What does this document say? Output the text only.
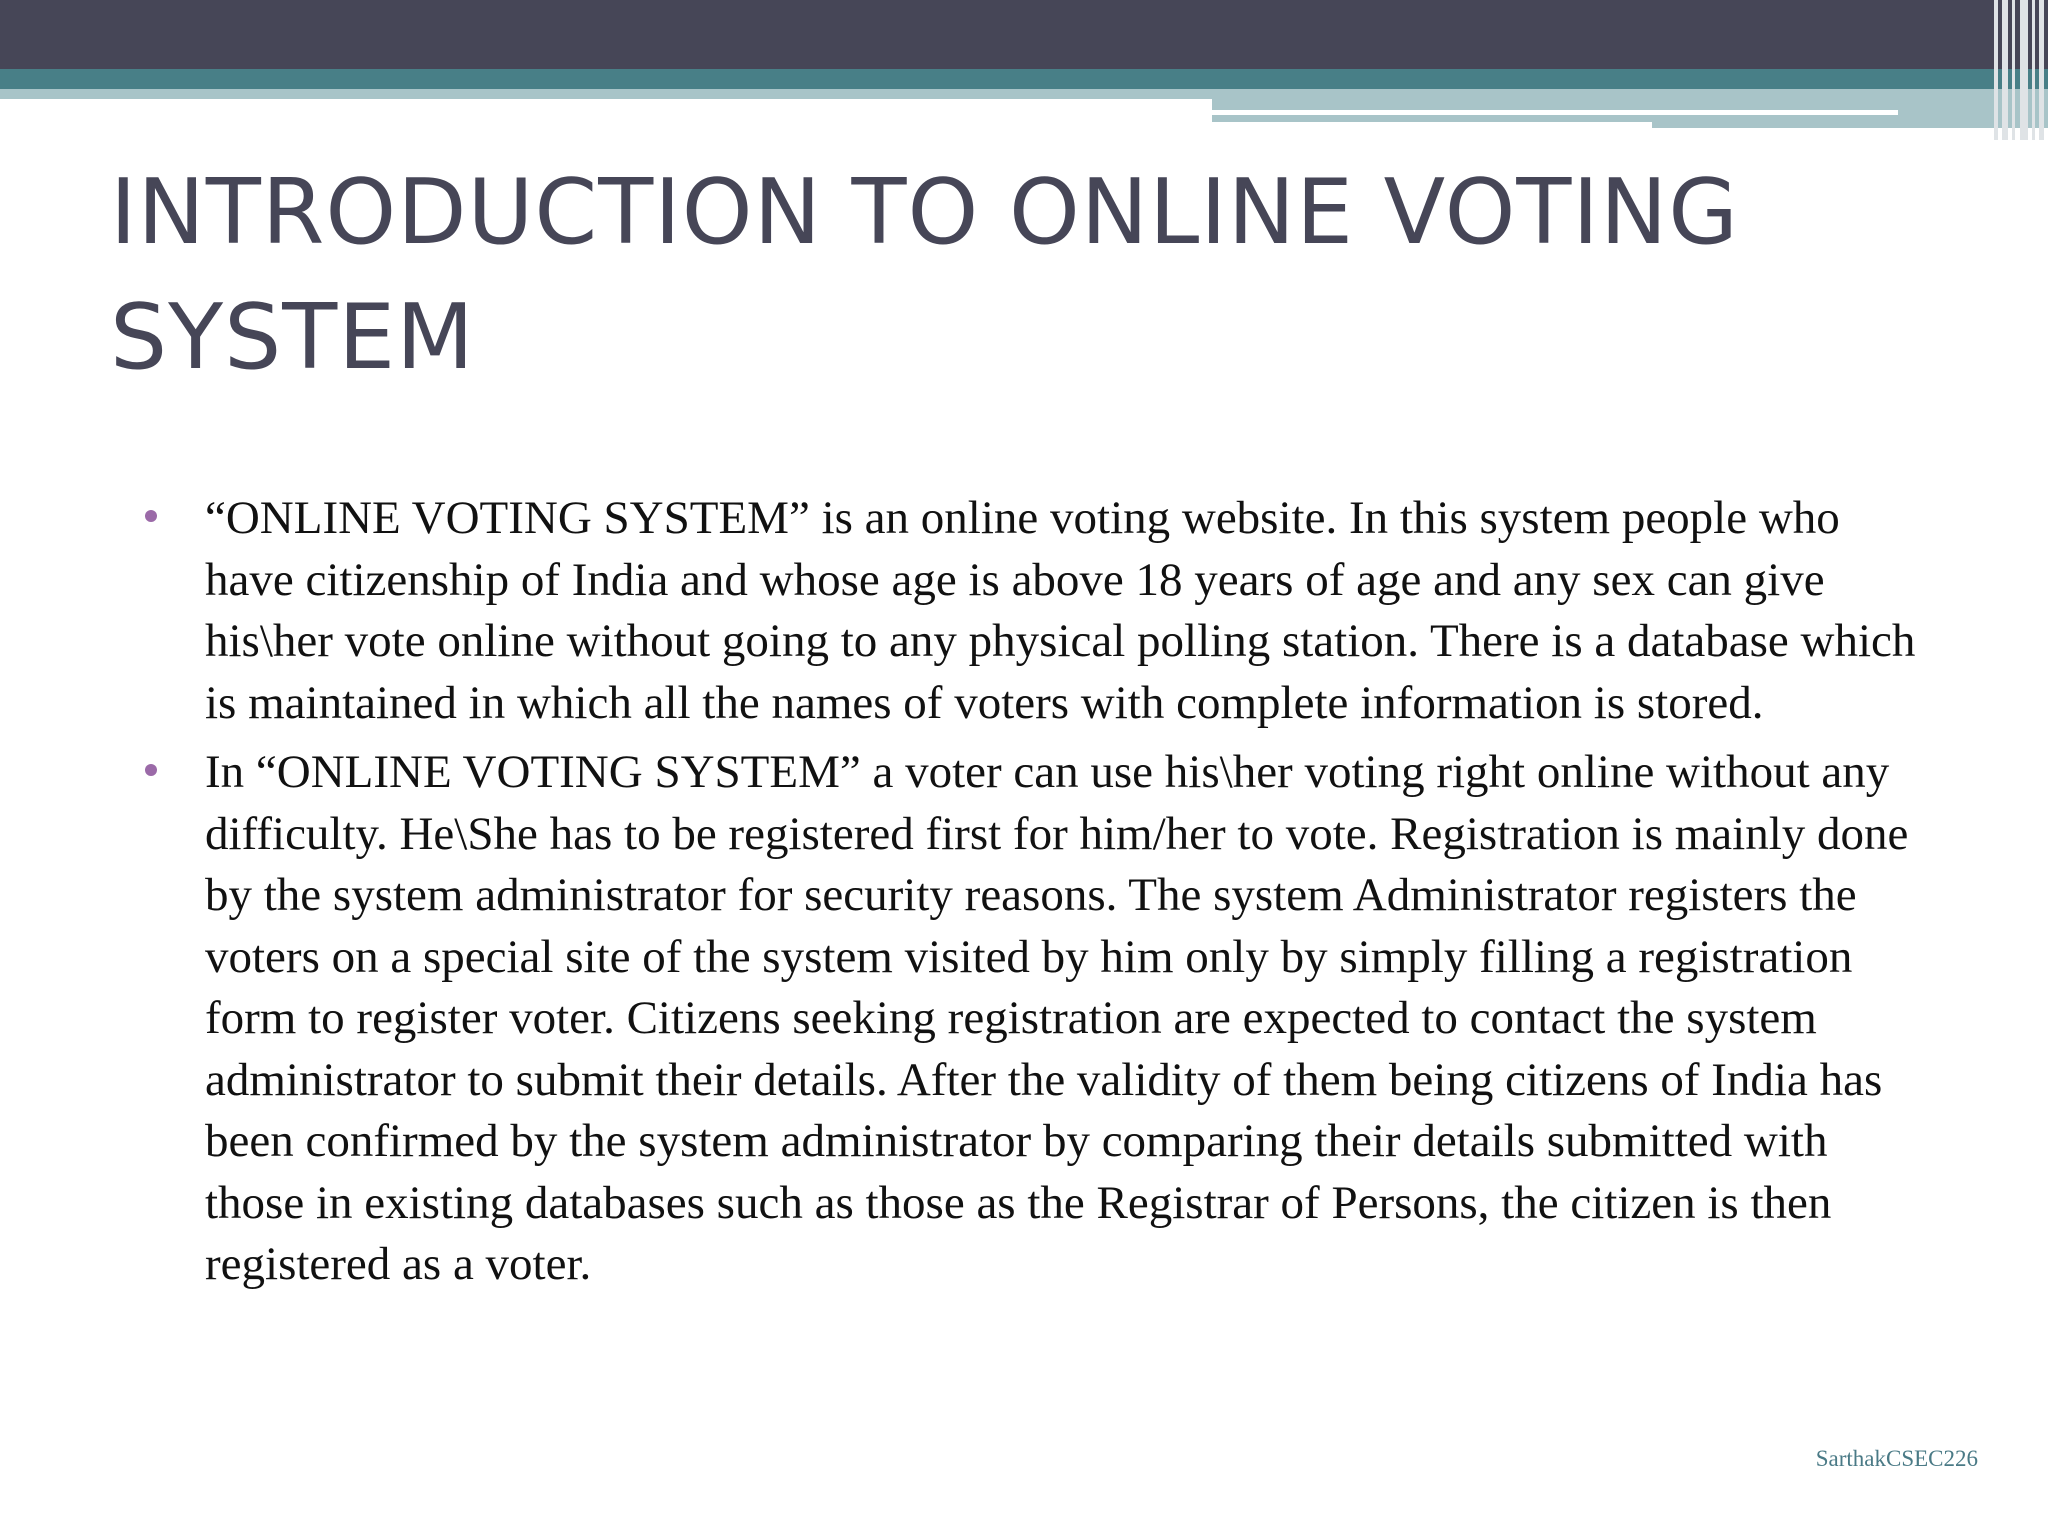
INTRODUCTION TO ONLINE VOTING SYSTEM
“ONLINE VOTING SYSTEM” is an online voting website. In this system people who have citizenship of India and whose age is above 18 years of age and any sex can give his\her vote online without going to any physical polling station. There is a database which is maintained in which all the names of voters with complete information is stored.
In “ONLINE VOTING SYSTEM” a voter can use his\her voting right online without any difficulty. He\She has to be registered first for him/her to vote. Registration is mainly done by the system administrator for security reasons. The system Administrator registers the voters on a special site of the system visited by him only by simply filling a registration form to register voter. Citizens seeking registration are expected to contact the system administrator to submit their details. After the validity of them being citizens of India has been confirmed by the system administrator by comparing their details submitted with those in existing databases such as those as the Registrar of Persons, the citizen is then registered as a voter.
SarthakCSEC226
